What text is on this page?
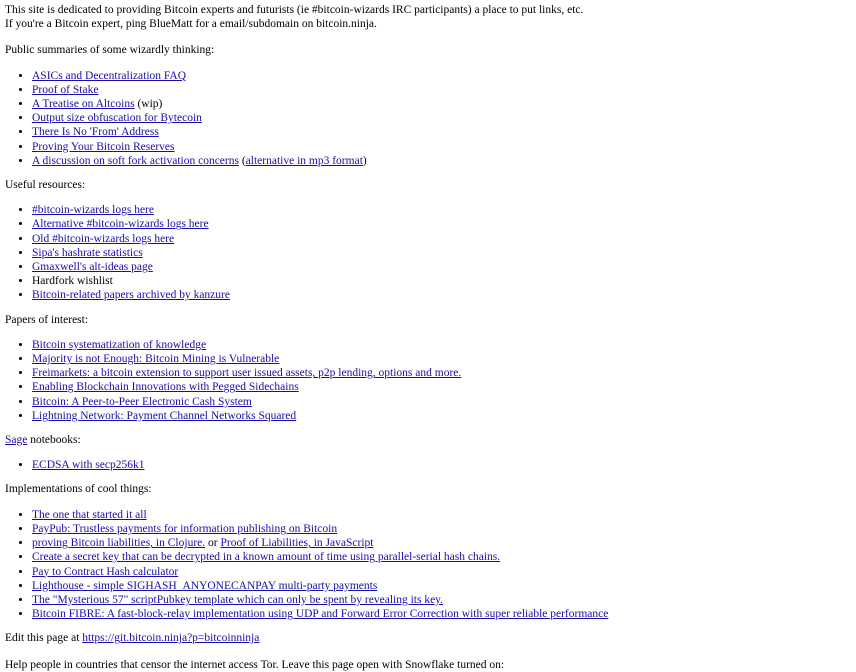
This site is dedicated to providing Bitcoin experts and futurists (ie #bitcoin-wizards IRC participants) a place to put links, etc.
If you're a Bitcoin expert, ping BlueMatt for a email/subdomain on bitcoin.ninja.

Public summaries of some wizardly thinking:

• ASICs and Decentralization FAQ
• Proof of Stake
• A Treatise on Altcoins (wip)
• Output size obfuscation for Bytecoin
• There Is No 'From' Address
• Proving Your Bitcoin Reserves
• A discussion on soft fork activation concerns (alternative in mp3 format)

Useful resources:

• #bitcoin-wizards logs here
• Alternative #bitcoin-wizards logs here
• Old #bitcoin-wizards logs here
• Sipa's hashrate statistics
• Gmaxwell's alt-ideas page
• Hardfork wishlist
• Bitcoin-related papers archived by kanzure

Papers of interest:

• Bitcoin systematization of knowledge
• Majority is not Enough: Bitcoin Mining is Vulnerable
• Freimarkets: a bitcoin extension to support user issued assets, p2p lending, options and more.
• Enabling Blockchain Innovations with Pegged Sidechains
• Bitcoin: A Peer-to-Peer Electronic Cash System
• Lightning Network: Payment Channel Networks Squared

Sage notebooks:

• ECDSA with secp256k1

Implementations of cool things:

• The one that started it all
• PayPub: Trustless payments for information publishing on Bitcoin
• proving Bitcoin liabilities, in Clojure. or Proof of Liabilities, in JavaScript
• Create a secret key that can be decrypted in a known amount of time using parallel-serial hash chains.
• Pay to Contract Hash calculator
• Lighthouse - simple SIGHASH_ANYONECANPAY multi-party payments
• The "Mysterious 57" scriptPubkey template which can only be spent by revealing its key.
• Bitcoin FIBRE: A fast-block-relay implementation using UDP and Forward Error Correction with super reliable performance

Edit this page at https://git.bitcoin.ninja?p=bitcoinninja

Help people in countries that censor the internet access Tor. Leave this page open with Snowflake turned on:
